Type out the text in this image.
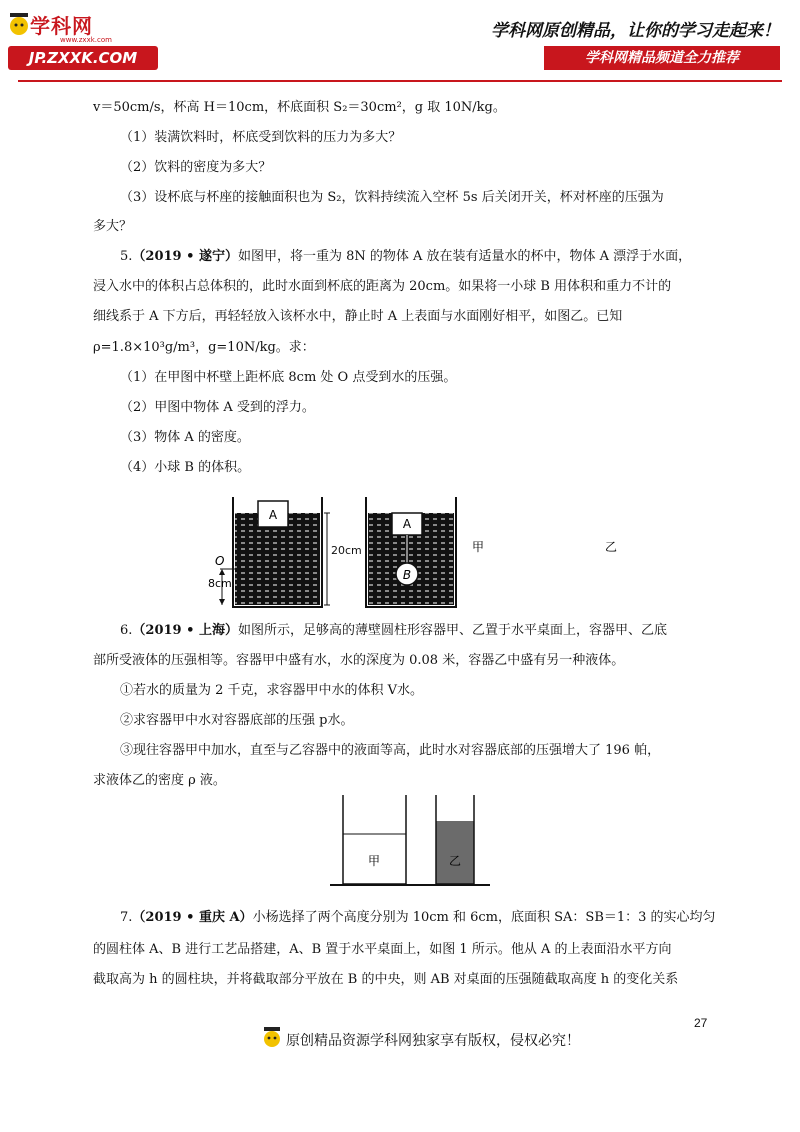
学科网
www.zxxk.com
JP.ZXXK.COM
学科网原创精品，让你的学习走起来！
学科网精品频道全力推荐

v＝50cm/s，杯高 H＝10cm，杯底面积 S₂＝30cm²，g 取 10N/kg。

（1）装满饮料时，杯底受到饮料的压力为多大？

（2）饮料的密度为多大？

（3）设杯底与杯座的接触面积也为 S₂，饮料持续流入空杯 5s 后关闭开关，杯对杯座的压强为

多大？

5.（2019 • 遂宁）如图甲，将一重为 8N 的物体 A 放在装有适量水的杯中，物体 A 漂浮于水面，

浸入水中的体积占总体积的，此时水面到杯底的距离为 20cm。如果将一小球 B 用体积和重力不计的

细线系于 A 下方后，再轻轻放入该杯水中，静止时 A 上表面与水面刚好相平，如图乙。已知

ρ=1.8×10³g/m³，g=10N/kg。求：

（1）在甲图中杯壁上距杯底 8cm 处 O 点受到水的压强。

（2）甲图中物体 A 受到的浮力。

（3）物体 A 的密度。

（4）小球 B 的体积。

A
20cm
O
8cm
A
B
甲	乙

6.（2019 • 上海）如图所示，足够高的薄壁圆柱形容器甲、乙置于水平桌面上，容器甲、乙底

部所受液体的压强相等。容器甲中盛有水，水的深度为 0.08 米，容器乙中盛有另一种液体。

①若水的质量为 2 千克，求容器甲中水的体积 V水。

②求容器甲中水对容器底部的压强 p水。

③现往容器甲中加水，直至与乙容器中的液面等高，此时水对容器底部的压强增大了 196 帕，

求液体乙的密度 ρ 液。

甲	乙

7.（2019 • 重庆 A）小杨选择了两个高度分别为 10cm 和 6cm，底面积 SA：SB＝1：3 的实心均匀

的圆柱体 A、B 进行工艺品搭建，A、B 置于水平桌面上，如图 1 所示。他从 A 的上表面沿水平方向

截取高为 h 的圆柱块，并将截取部分平放在 B 的中央，则 AB 对桌面的压强随截取高度 h 的变化关系

27
原创精品资源学科网独家享有版权，侵权必究！
